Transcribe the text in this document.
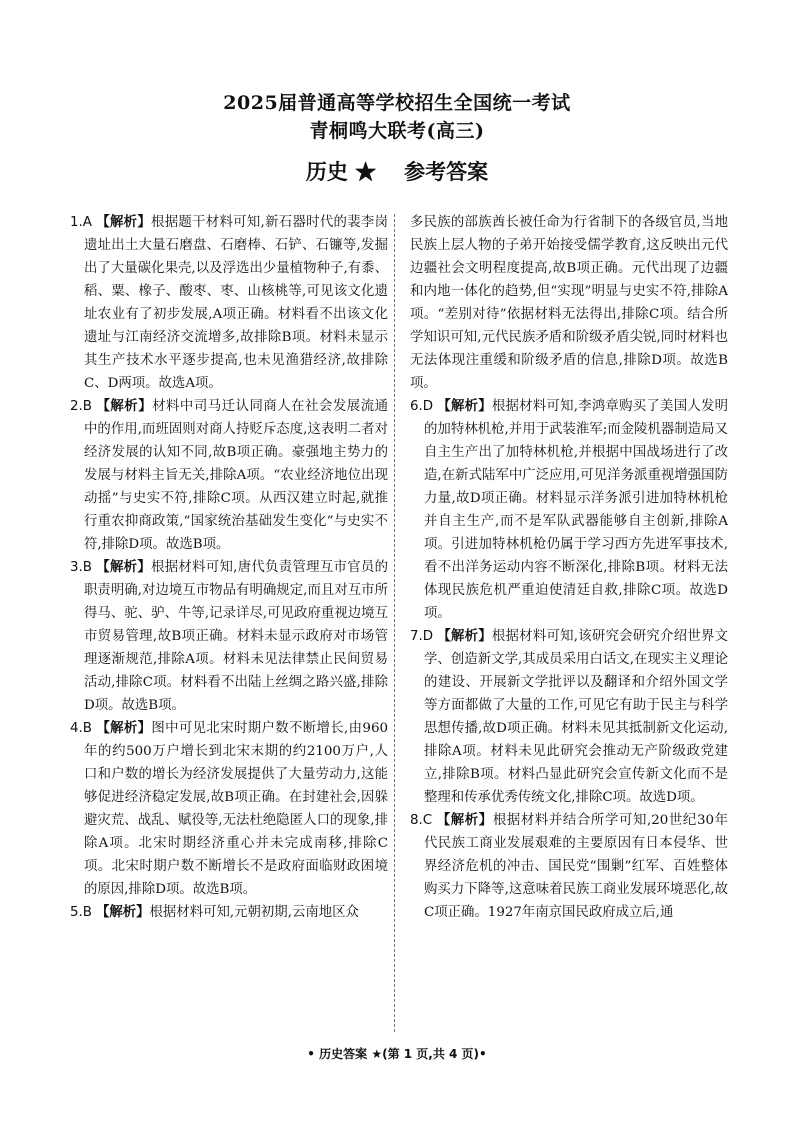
2025届普通高等学校招生全国统一考试
青桐鸣大联考(高三)
历史 ★ 参考答案

1.A 【解析】根据题干材料可知,新石器时代的裴李岗遗址出土大量石磨盘、石磨棒、石铲、石镰等,发掘出了大量碳化果壳,以及浮选出少量植物种子,有黍、稻、粟、橡子、酸枣、枣、山核桃等,可见该文化遗址农业有了初步发展,A项正确。材料看不出该文化遗址与江南经济交流增多,故排除B项。材料未显示其生产技术水平逐步提高,也未见渔猎经济,故排除C、D两项。故选A项。

2.B 【解析】材料中司马迁认同商人在社会发展流通中的作用,而班固则对商人持贬斥态度,这表明二者对经济发展的认知不同,故B项正确。豪强地主势力的发展与材料主旨无关,排除A项。“农业经济地位出现动摇”与史实不符,排除C项。从西汉建立时起,就推行重农抑商政策,“国家统治基础发生变化”与史实不符,排除D项。故选B项。

3.B 【解析】根据材料可知,唐代负责管理互市官员的职责明确,对边境互市物品有明确规定,而且对互市所得马、驼、驴、牛等,记录详尽,可见政府重视边境互市贸易管理,故B项正确。材料未显示政府对市场管理逐渐规范,排除A项。材料未见法律禁止民间贸易活动,排除C项。材料看不出陆上丝绸之路兴盛,排除D项。故选B项。

4.B 【解析】图中可见北宋时期户数不断增长,由960年的约500万户增长到北宋末期的约2100万户,人口和户数的增长为经济发展提供了大量劳动力,这能够促进经济稳定发展,故B项正确。在封建社会,因躲避灾荒、战乱、赋役等,无法杜绝隐匿人口的现象,排除A项。北宋时期经济重心并未完成南移,排除C项。北宋时期户数不断增长不是政府面临财政困境的原因,排除D项。故选B项。

5.B 【解析】根据材料可知,元朝初期,云南地区众

多民族的部族酋长被任命为行省制下的各级官员,当地民族上层人物的子弟开始接受儒学教育,这反映出元代边疆社会文明程度提高,故B项正确。元代出现了边疆和内地一体化的趋势,但“实现”明显与史实不符,排除A项。“差别对待”依据材料无法得出,排除C项。结合所学知识可知,元代民族矛盾和阶级矛盾尖锐,同时材料也无法体现注重缓和阶级矛盾的信息,排除D项。故选B项。

6.D 【解析】根据材料可知,李鸿章购买了美国人发明的加特林机枪,并用于武装淮军;而金陵机器制造局又自主生产出了加特林机枪,并根据中国战场进行了改造,在新式陆军中广泛应用,可见洋务派重视增强国防力量,故D项正确。材料显示洋务派引进加特林机枪并自主生产,而不是军队武器能够自主创新,排除A项。引进加特林机枪仍属于学习西方先进军事技术,看不出洋务运动内容不断深化,排除B项。材料无法体现民族危机严重迫使清廷自救,排除C项。故选D项。

7.D 【解析】根据材料可知,该研究会研究介绍世界文学、创造新文学,其成员采用白话文,在现实主义理论的建设、开展新文学批评以及翻译和介绍外国文学等方面都做了大量的工作,可见它有助于民主与科学思想传播,故D项正确。材料未见其抵制新文化运动,排除A项。材料未见此研究会推动无产阶级政党建立,排除B项。材料凸显此研究会宣传新文化而不是整理和传承优秀传统文化,排除C项。故选D项。

8.C 【解析】根据材料并结合所学可知,20世纪30年代民族工商业发展艰难的主要原因有日本侵华、世界经济危机的冲击、国民党“围剿”红军、百姓整体购买力下降等,这意味着民族工商业发展环境恶化,故C项正确。1927年南京国民政府成立后,通

• 历史答案 ★(第 1 页,共 4 页)•
